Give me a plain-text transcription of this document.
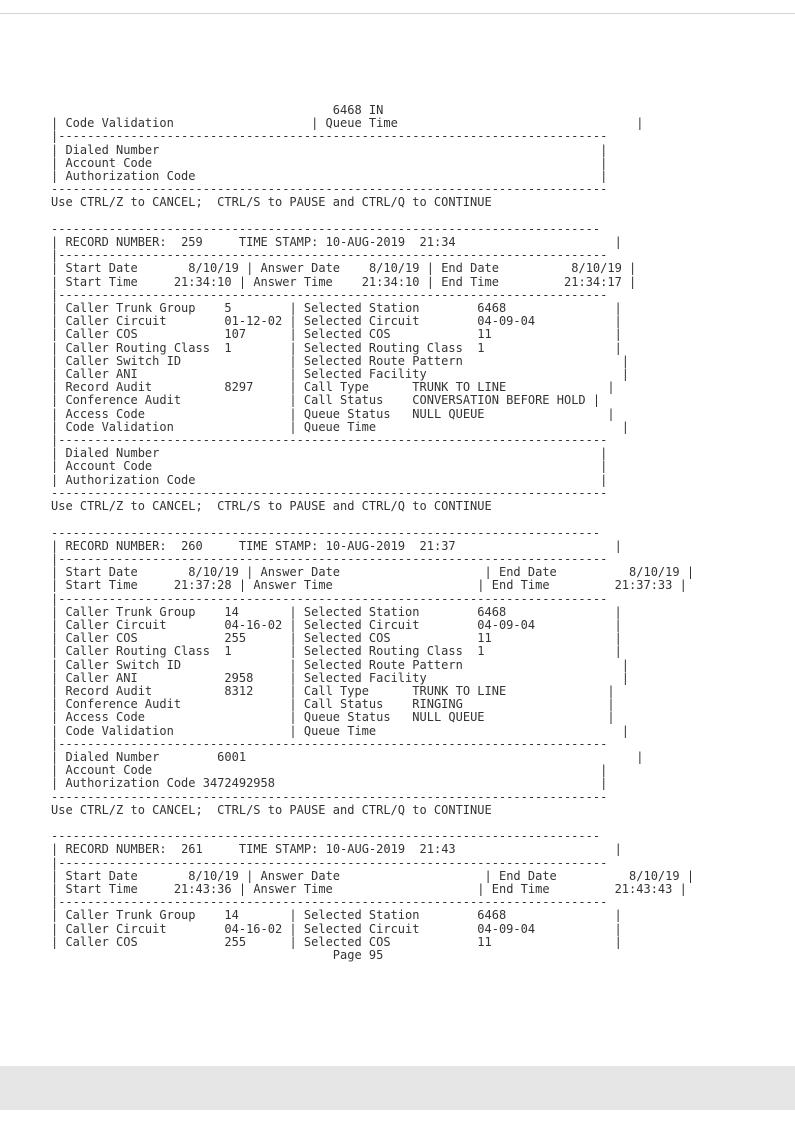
6468 IN
| Code Validation                   | Queue Time	|
|----------------------------------------------------------------------------
| Dialed Number	|
| Account Code	|
| Authorization Code	|
-----------------------------------------------------------------------------
Use CTRL/Z to CANCEL;  CTRL/S to PAUSE and CTRL/Q to CONTINUE

----------------------------------------------------------------------------
| RECORD NUMBER: 259	TIME STAMP: 10-AUG-2019  21:34	|
|----------------------------------------------------------------------------
| Start Date	8/10/19 | Answer Date 8/10/19 | End Date	8/10/19 |
| Start Time	21:34:10 | Answer Time 21:34:10 | End Time	21:34:17 |
|----------------------------------------------------------------------------
| Caller Trunk Group 5        | Selected Station	6468	|
| Caller Circuit	01-12-02 | Selected Circuit	04-09-04	|
| Caller COS	107      | Selected COS	11	|
| Caller Routing Class 1        | Selected Routing Class 1	|
| Caller Switch ID               | Selected Route Pattern	|
| Caller ANI                     | Selected Facility	|
| Record Audit	8297     | Call Type	TRUNK TO LINE	|
| Conference Audit               | Call Status CONVERSATION BEFORE HOLD |
| Access Code                    | Queue Status NULL QUEUE	|
| Code Validation                | Queue Time	|
|----------------------------------------------------------------------------
| Dialed Number	|
| Account Code	|
| Authorization Code	|
-----------------------------------------------------------------------------
Use CTRL/Z to CANCEL;  CTRL/S to PAUSE and CTRL/Q to CONTINUE

----------------------------------------------------------------------------
| RECORD NUMBER: 260	TIME STAMP: 10-AUG-2019  21:37	|
|----------------------------------------------------------------------------
| Start Date	8/10/19 | Answer Date                    | End Date	8/10/19 |
| Start Time	21:37:28 | Answer Time                    | End Time	21:37:33 |
|----------------------------------------------------------------------------
| Caller Trunk Group 14       | Selected Station	6468	|
| Caller Circuit	04-16-02 | Selected Circuit	04-09-04	|
| Caller COS	255      | Selected COS	11	|
| Caller Routing Class 1        | Selected Routing Class 1	|
| Caller Switch ID               | Selected Route Pattern	|
| Caller ANI	2958     | Selected Facility	|
| Record Audit	8312     | Call Type	TRUNK TO LINE	|
| Conference Audit               | Call Status RINGING	|
| Access Code                    | Queue Status NULL QUEUE	|
| Code Validation                | Queue Time	|
|----------------------------------------------------------------------------
| Dialed Number	6001	|
| Account Code	|
| Authorization Code 3472492958	|
-----------------------------------------------------------------------------
Use CTRL/Z to CANCEL;  CTRL/S to PAUSE and CTRL/Q to CONTINUE

----------------------------------------------------------------------------
| RECORD NUMBER: 261	TIME STAMP: 10-AUG-2019  21:43	|
|----------------------------------------------------------------------------
| Start Date	8/10/19 | Answer Date                    | End Date	8/10/19 |
| Start Time	21:43:36 | Answer Time                    | End Time	21:43:43 |
|----------------------------------------------------------------------------
| Caller Trunk Group 14       | Selected Station	6468	|
| Caller Circuit	04-16-02 | Selected Circuit	04-09-04	|
| Caller COS	255      | Selected COS	11	|
Page 95
